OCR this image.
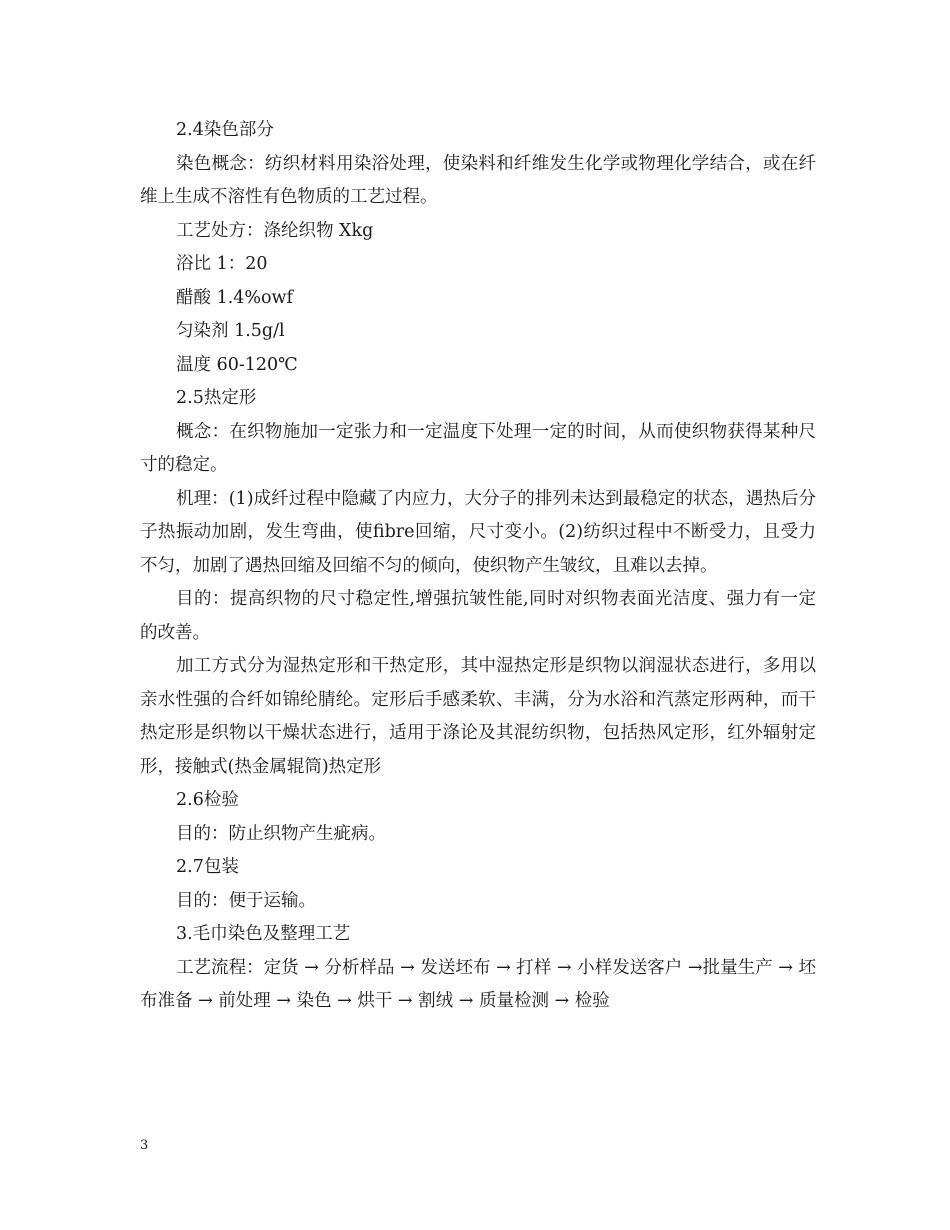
2.4染色部分

染色概念：纺织材料用染浴处理，使染料和纤维发生化学或物理化学结合，或在纤维上生成不溶性有色物质的工艺过程。

工艺处方：涤纶织物 Xkg

浴比 1：20

醋酸 1.4%owf

匀染剂 1.5g/l

温度 60-120℃

2.5热定形

概念：在织物施加一定张力和一定温度下处理一定的时间，从而使织物获得某种尺寸的稳定。

机理：(1)成纤过程中隐藏了内应力，大分子的排列未达到最稳定的状态，遇热后分子热振动加剧，发生弯曲，使fibre回缩，尺寸变小。(2)纺织过程中不断受力，且受力不匀，加剧了遇热回缩及回缩不匀的倾向，使织物产生皱纹，且难以去掉。

目的：提高织物的尺寸稳定性,增强抗皱性能,同时对织物表面光洁度、强力有一定的改善。

加工方式分为湿热定形和干热定形，其中湿热定形是织物以润湿状态进行，多用以亲水性强的合纤如锦纶腈纶。定形后手感柔软、丰满，分为水浴和汽蒸定形两种，而干热定形是织物以干燥状态进行，适用于涤论及其混纺织物，包括热风定形，红外辐射定形，接触式(热金属辊筒)热定形

2.6检验

目的：防止织物产生疵病。

2.7包装

目的：便于运输。

3.毛巾染色及整理工艺

工艺流程：定货 → 分析样品 → 发送坯布 → 打样 → 小样发送客户 →批量生产 → 坯布准备 → 前处理 → 染色 → 烘干 → 割绒 → 质量检测 → 检验

3
